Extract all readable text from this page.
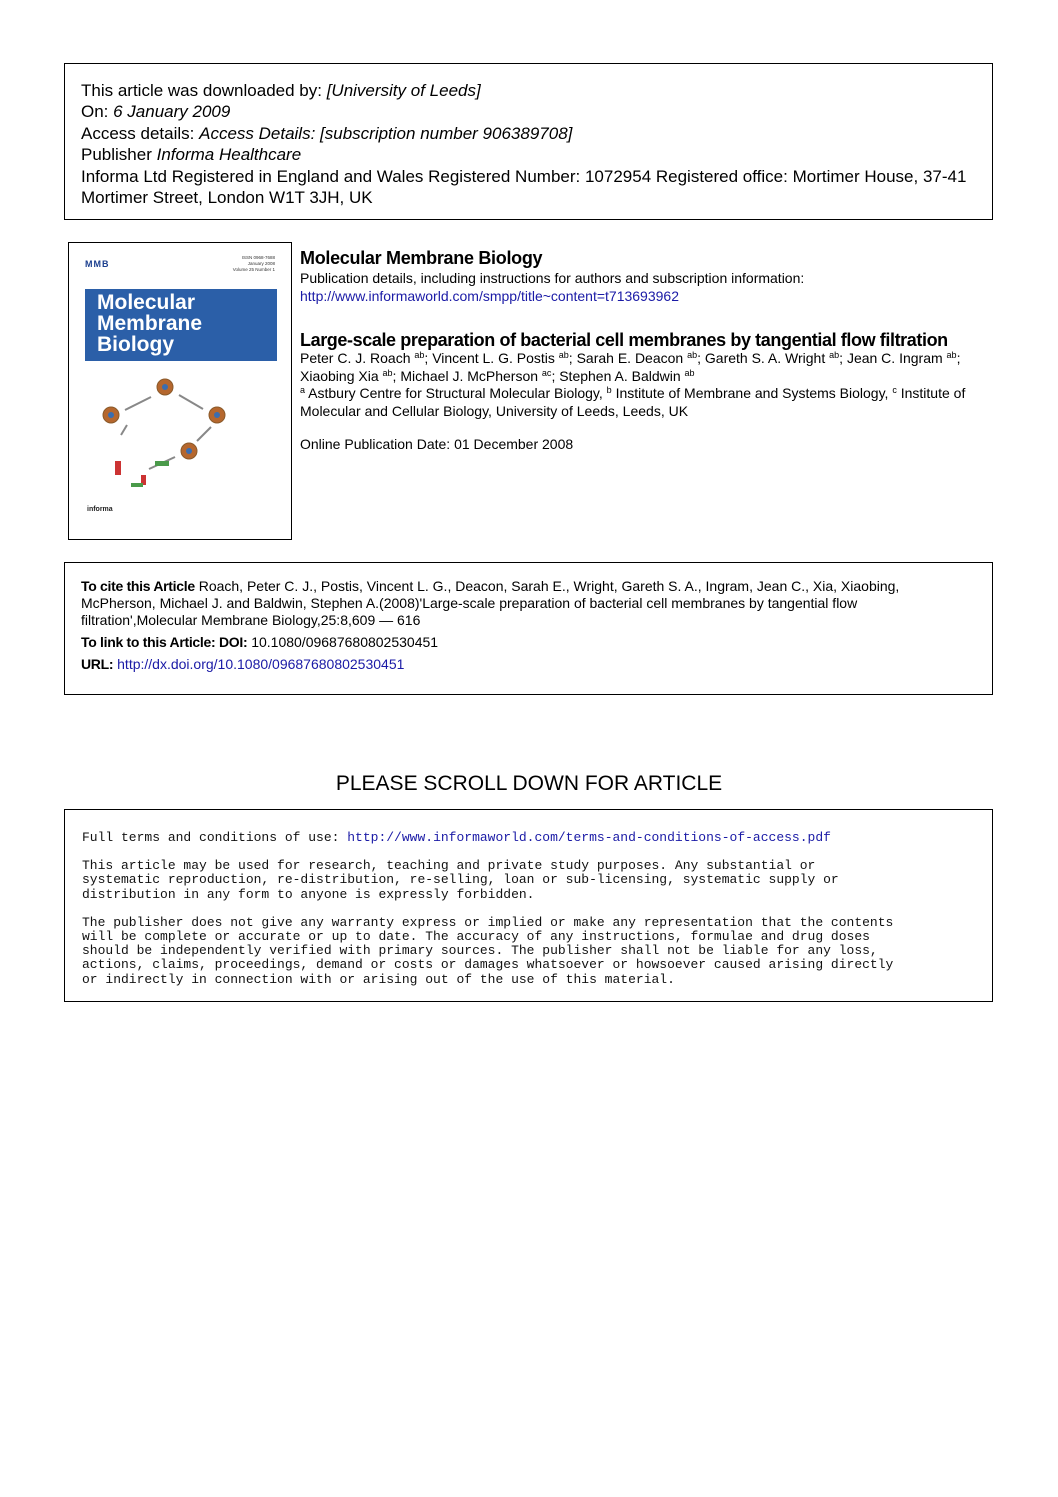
This article was downloaded by: [University of Leeds]
On: 6 January 2009
Access details: Access Details: [subscription number 906389708]
Publisher Informa Healthcare
Informa Ltd Registered in England and Wales Registered Number: 1072954 Registered office: Mortimer House, 37-41 Mortimer Street, London W1T 3JH, UK
MMB
ISSN 0968-7688
January 2008
Volume 25 Number 1
Molecular
Membrane
Biology
informa
Molecular Membrane Biology
Publication details, including instructions for authors and subscription information:
http://www.informaworld.com/smpp/title~content=t713693962
Large-scale preparation of bacterial cell membranes by tangential flow filtration
Peter C. J. Roach $^{ab}$; Vincent L. G. Postis $^{ab}$; Sarah E. Deacon $^{ab}$; Gareth S. A. Wright $^{ab}$; Jean C. Ingram $^{ab}$; Xiaobing Xia $^{ab}$; Michael J. McPherson $^{ac}$; Stephen A. Baldwin $^{ab}$
$^a$ Astbury Centre for Structural Molecular Biology, $^b$ Institute of Membrane and Systems Biology, $^c$ Institute of Molecular and Cellular Biology, University of Leeds, Leeds, UK
Online Publication Date: 01 December 2008
To cite this Article Roach, Peter C. J., Postis, Vincent L. G., Deacon, Sarah E., Wright, Gareth S. A., Ingram, Jean C., Xia, Xiaobing, McPherson, Michael J. and Baldwin, Stephen A.(2008)'Large-scale preparation of bacterial cell membranes by tangential flow filtration',Molecular Membrane Biology,25:8,609 — 616
To link to this Article: DOI: 10.1080/09687680802530451
URL: http://dx.doi.org/10.1080/09687680802530451
PLEASE SCROLL DOWN FOR ARTICLE

Full terms and conditions of use: http://www.informaworld.com/terms-and-conditions-of-access.pdf

This article may be used for research, teaching and private study purposes. Any substantial or
systematic reproduction, re-distribution, re-selling, loan or sub-licensing, systematic supply or
distribution in any form to anyone is expressly forbidden.

The publisher does not give any warranty express or implied or make any representation that the contents
will be complete or accurate or up to date. The accuracy of any instructions, formulae and drug doses
should be independently verified with primary sources. The publisher shall not be liable for any loss,
actions, claims, proceedings, demand or costs or damages whatsoever or howsoever caused arising directly
or indirectly in connection with or arising out of the use of this material.
